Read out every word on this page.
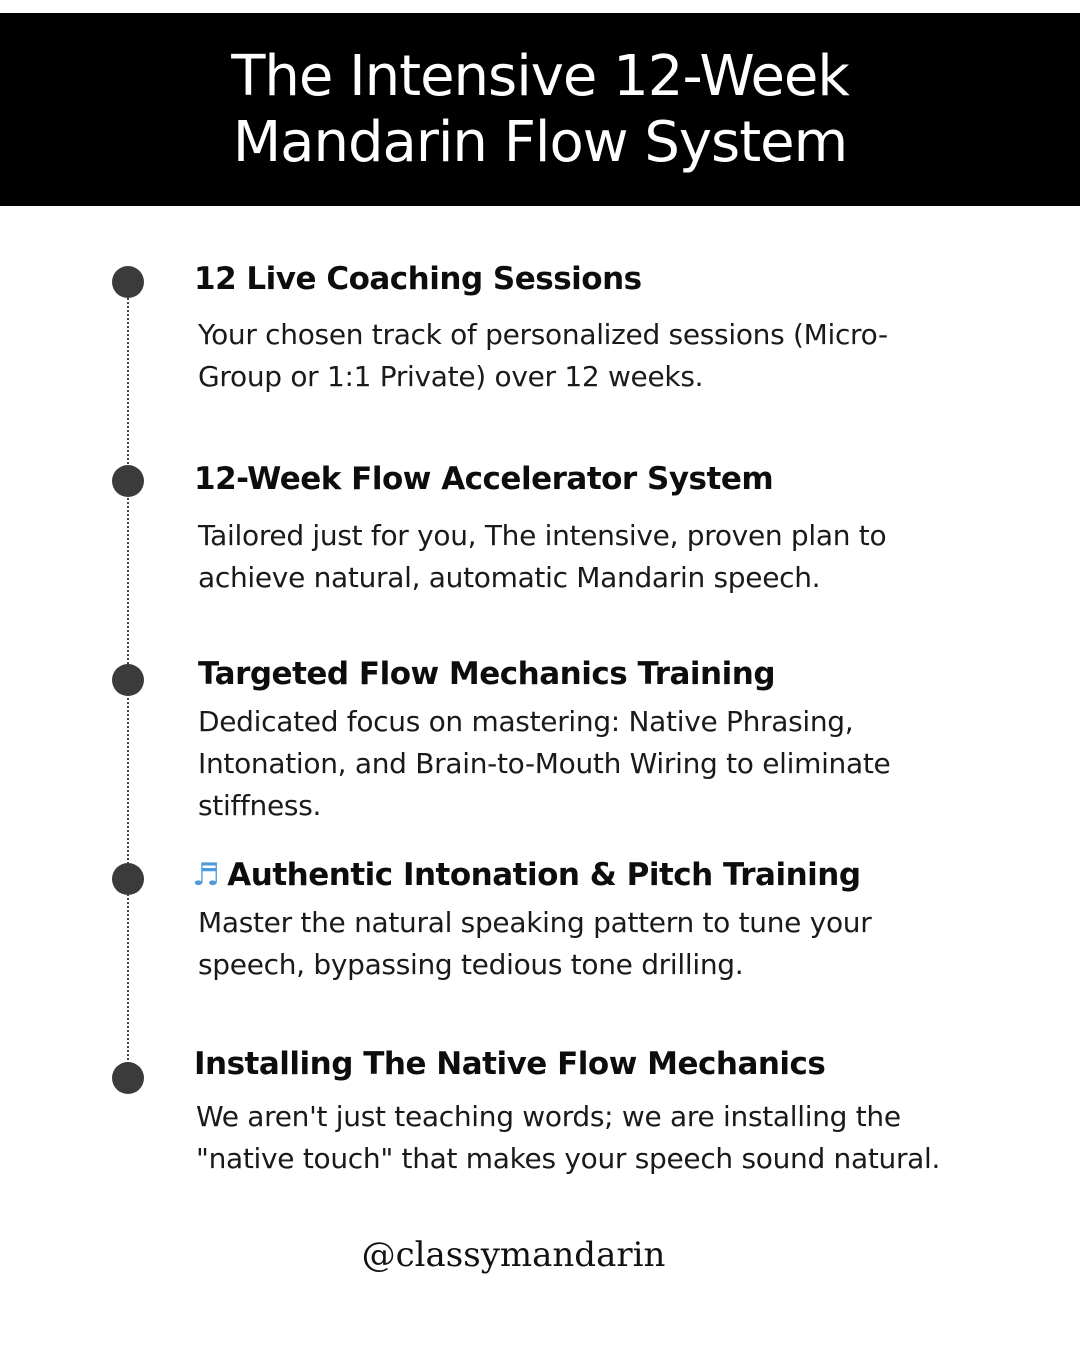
The Intensive 12-Week
Mandarin Flow System
12 Live Coaching Sessions
Your chosen track of personalized sessions (Micro-
Group or 1:1 Private) over 12 weeks.
12-Week Flow Accelerator System
Tailored just for you, The intensive, proven plan to
achieve natural, automatic Mandarin speech.
Targeted Flow Mechanics Training
Dedicated focus on mastering: Native Phrasing,
Intonation, and Brain-to-Mouth Wiring to eliminate
stiffness.
♬ Authentic Intonation & Pitch Training
Master the natural speaking pattern to tune your
speech, bypassing tedious tone drilling.
Installing The Native Flow Mechanics
We aren't just teaching words; we are installing the
"native touch" that makes your speech sound natural.
@classymandarin
